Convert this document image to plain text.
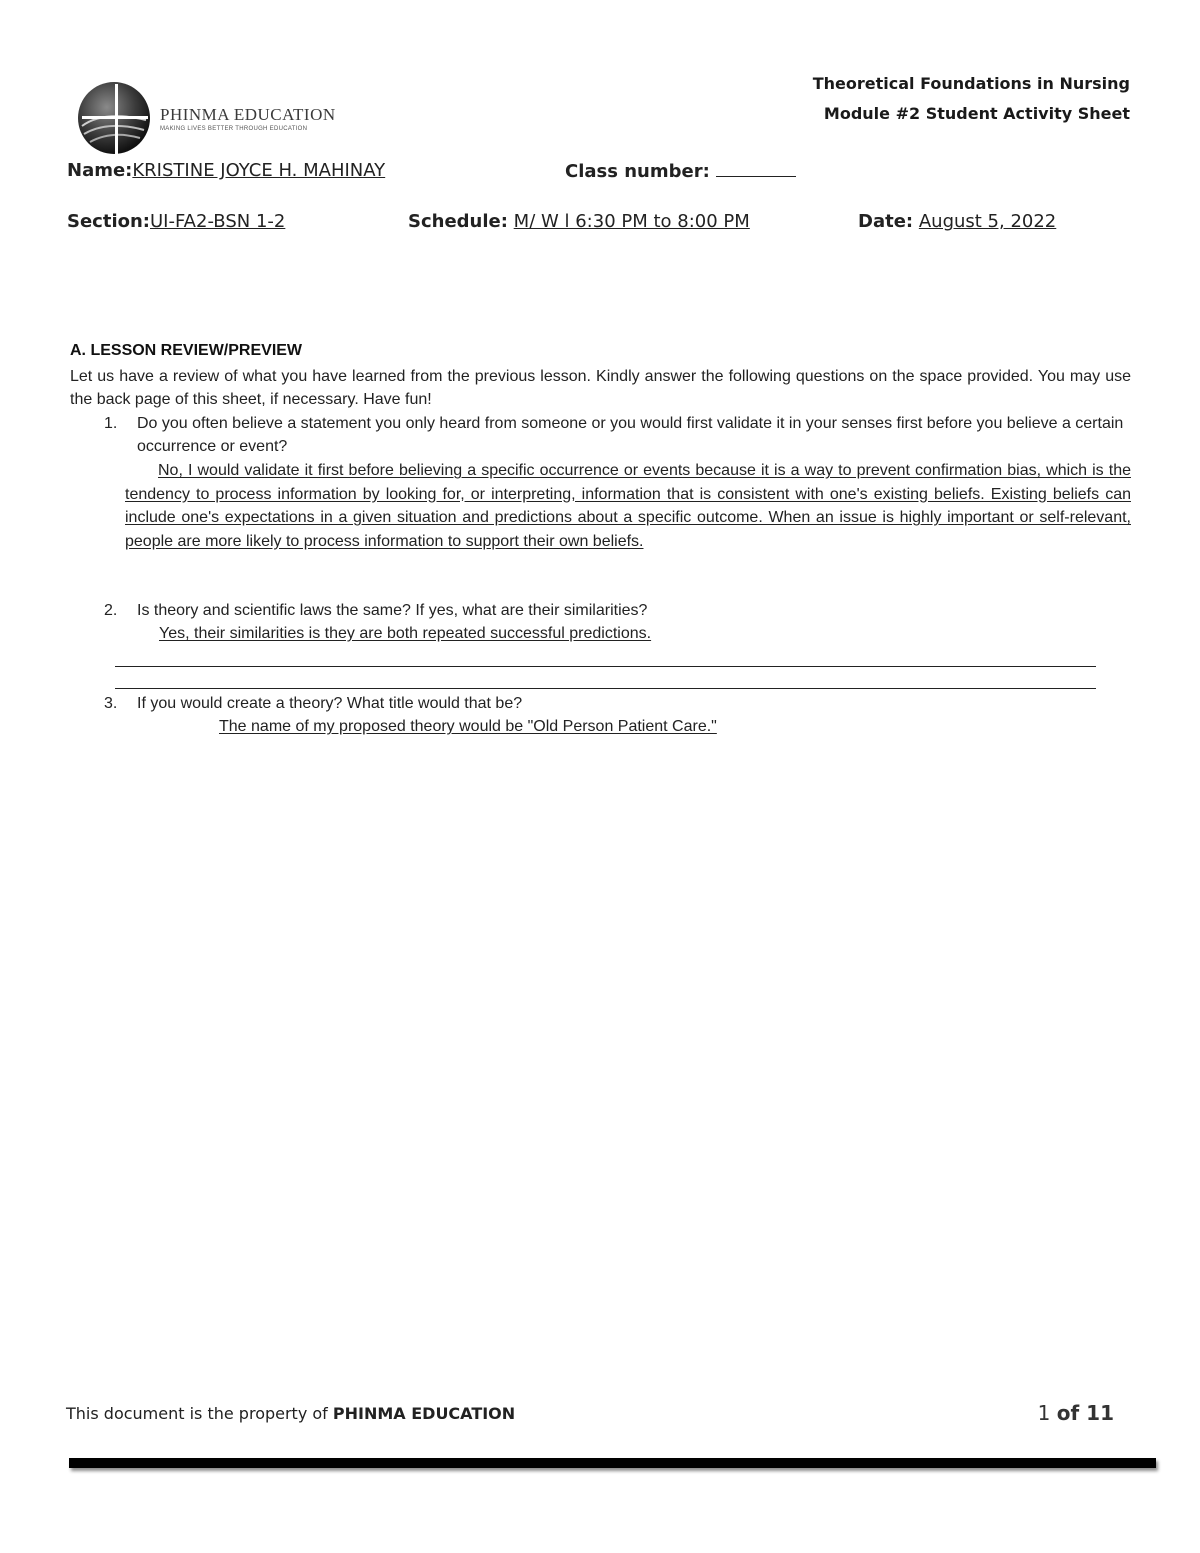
PHINMA EDUCATION
MAKING LIVES BETTER THROUGH EDUCATION
Theoretical Foundations in Nursing
Module #2 Student Activity Sheet
Name:KRISTINE JOYCE H. MAHINAY	Class number:
Section:UI-FA2-BSN 1-2	Schedule: M/ W l 6:30 PM to 8:00 PM	Date: August 5, 2022
A. LESSON REVIEW/PREVIEW
Let us have a review of what you have learned from the previous lesson. Kindly answer the following questions on the space provided. You may use the back page of this sheet, if necessary. Have fun!
1. Do you often believe a statement you only heard from someone or you would first validate it in your senses first before you believe a certain occurrence or event?
No, I would validate it first before believing a specific occurrence or events because it is a way to prevent confirmation bias, which is the tendency to process information by looking for, or interpreting, information that is consistent with one's existing beliefs. Existing beliefs can include one's expectations in a given situation and predictions about a specific outcome. When an issue is highly important or self-relevant, people are more likely to process information to support their own beliefs.
2. Is theory and scientific laws the same? If yes, what are their similarities?
Yes, their similarities is they are both repeated successful predictions.
3. If you would create a theory? What title would that be?
The name of my proposed theory would be "Old Person Patient Care."
This document is the property of PHINMA EDUCATION	1 of 11
